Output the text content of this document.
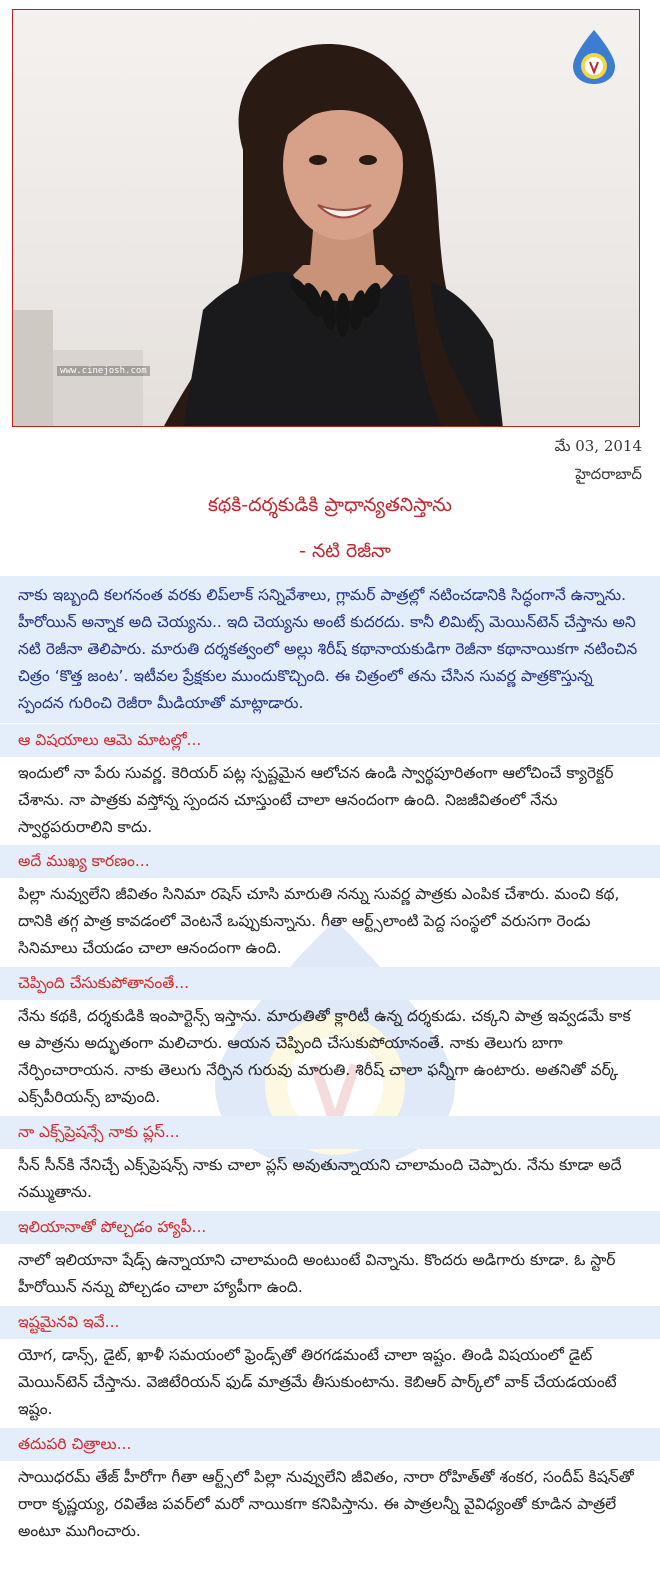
www.cinejosh.com
మే 03, 2014
హైదరాబాద్
కథకి-దర్శకుడికి ప్రాధాన్యతనిస్తాను
- నటి రెజీనా
నాకు ఇబ్బంది కలగనంత వరకు లిప్‌లాక్ సన్నివేశాలు, గ్లామర్ పాత్రల్లో నటించడానికి సిద్ధంగానే ఉన్నాను. హీరోయిన్ అన్నాక అది చెయ్యను.. ఇది చెయ్యను అంటే కుదరదు. కానీ లిమిట్స్ మెయిన్‌టెన్ చేస్తాను అని నటి రెజీనా తెలిపారు. మారుతి దర్శకత్వంలో అల్లు శిరీష్ కథానాయకుడిగా రెజీనా కథానాయికగా నటించిన చిత్రం ‘కొత్త జంట’. ఇటీవల ప్రేక్షకుల ముందుకొచ్చింది. ఈ చిత్రంలో తను చేసిన సువర్ణ పాత్రకొస్తున్న స్పందన గురించి రెజీరా మీడియాతో మాట్లాడారు.
ఆ విషయాలు ఆమె మాటల్లో...
ఇందులో నా పేరు సువర్ణ. కెరియర్ పట్ల స్పష్టమైన ఆలోచన ఉండి స్వార్థపూరితంగా ఆలోచించే క్యారెక్టర్ చేశాను. నా పాత్రకు వస్తోన్న స్పందన చూస్తుంటే చాలా ఆనందంగా ఉంది. నిజజీవితంలో నేను స్వార్థపరురాలిని కాదు.
అదే ముఖ్య కారణం...
పిల్లా నువ్వులేని జీవితం సినిమా రషెస్ చూసి మారుతి నన్ను సువర్ణ పాత్రకు ఎంపిక చేశారు. మంచి కథ, దానికి తగ్గ పాత్ర కావడంలో వెంటనే ఒప్పుకున్నాను. గీతా ఆర్ట్స్‌లాంటి పెద్ద సంస్థలో వరుసగా రెండు సినిమాలు చేయడం చాలా ఆనందంగా ఉంది.
చెప్పింది చేసుకుపోతానంతే...
నేను కథకి, దర్శకుడికి ఇంపార్టెన్స్ ఇస్తాను. మారుతితో క్లారిటీ ఉన్న దర్శకుడు. చక్కని పాత్ర ఇవ్వడమే కాక ఆ పాత్రను అద్భుతంగా మలిచారు. ఆయన చెప్పింది చేసుకుపోయానంతే. నాకు తెలుగు బాగా నేర్పించారాయన. నాకు తెలుగు నేర్పిన గురువు మారుతి. శిరీష్ చాలా ఫన్నీగా ఉంటారు. అతనితో వర్క్ ఎక్స్‌పీరియన్స్ బావుంది.
నా ఎక్స్‌ప్రెషన్సే నాకు ప్లస్...
సీన్ సీన్‌కి నేనిచ్చే ఎక్స్‌ప్రెషన్స్ నాకు చాలా ప్లస్ అవుతున్నాయని చాలామంది చెప్పారు. నేను కూడా అదే నమ్ముతాను.
ఇలియానాతో పోల్చడం హ్యాపీ...
నాలో ఇలియానా షేడ్స్ ఉన్నాయాని చాలామంది అంటుంటే విన్నాను. కొందరు అడిగారు కూడా. ఓ స్టార్ హీరోయిన్ నన్ను పోల్చడం చాలా హ్యాపీగా ఉంది.
ఇష్టమైనవి ఇవే...
యోగ, డాన్స్, డైట్, ఖాళీ సమయంలో ఫ్రెండ్స్‌తో తిరగడమంటే చాలా ఇష్టం. తిండి విషయంలో డైట్ మెయిన్‌టెన్ చేస్తాను. వెజిటేరియన్ ఫుడ్ మాత్రమే తీసుకుంటాను. కెబిఆర్ పార్క్‌లో వాక్ చేయడయంటే ఇష్టం.
తదుపరి చిత్రాలు...
సాయిధరమ్ తేజ్ హీరోగా గీతా ఆర్ట్స్‌లో పిల్లా నువ్వులేని జీవితం, నారా రోహిత్‌తో శంకర, సందీప్ కిషన్‌తో రారా కృష్ణయ్య, రవితేజ పవర్‌లో మరో నాయికగా కనిపిస్తాను. ఈ పాత్రలన్నీ వైవిధ్యంతో కూడిన పాత్రలే అంటూ ముగించారు.
